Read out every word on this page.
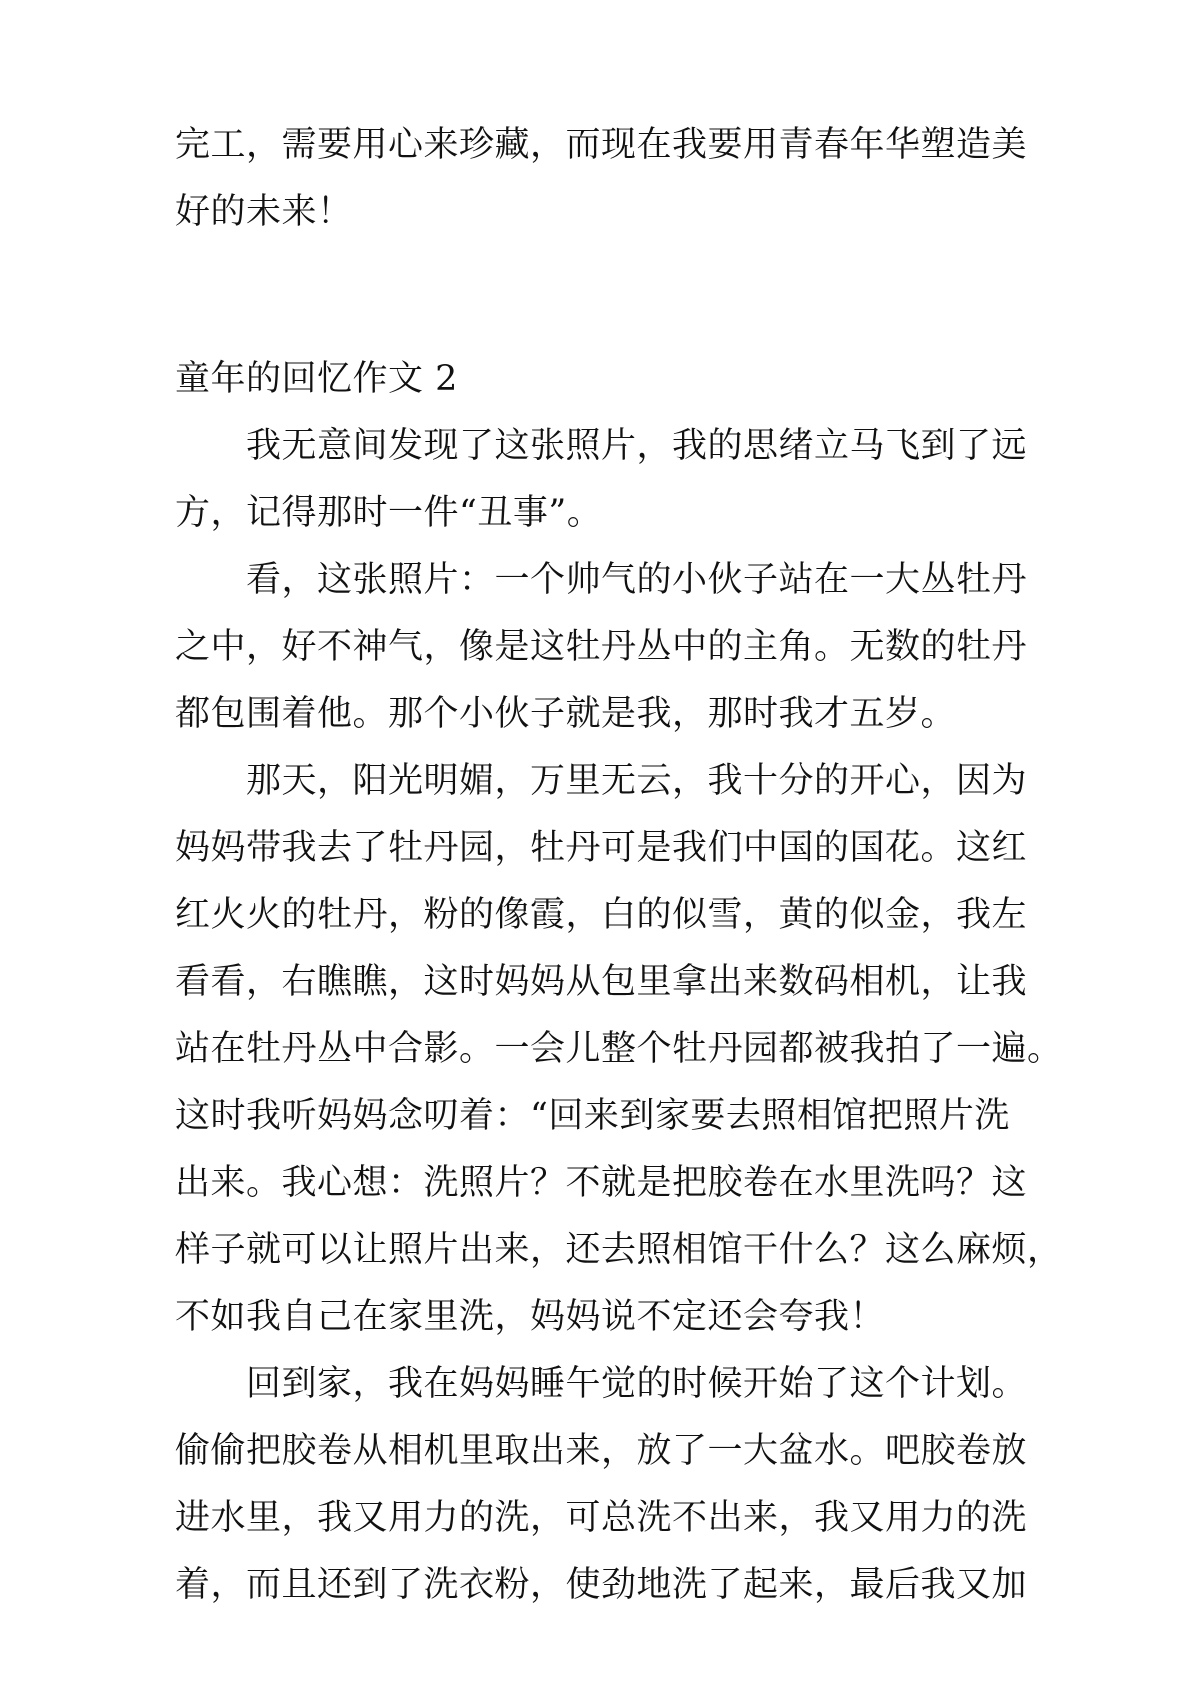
完工，需要用心来珍藏，而现在我要用青春年华塑造美
好的未来！
童年的回忆作文 2
　　我无意间发现了这张照片，我的思绪立马飞到了远
方，记得那时一件“丑事”。
　　看，这张照片：一个帅气的小伙子站在一大丛牡丹
之中，好不神气，像是这牡丹丛中的主角。无数的牡丹
都包围着他。那个小伙子就是我，那时我才五岁。
　　那天，阳光明媚，万里无云，我十分的开心，因为
妈妈带我去了牡丹园，牡丹可是我们中国的国花。这红
红火火的牡丹，粉的像霞，白的似雪，黄的似金，我左
看看，右瞧瞧，这时妈妈从包里拿出来数码相机，让我
站在牡丹丛中合影。一会儿整个牡丹园都被我拍了一遍。
这时我听妈妈念叨着：“回来到家要去照相馆把照片洗
出来。我心想：洗照片？不就是把胶卷在水里洗吗？这
样子就可以让照片出来，还去照相馆干什么？这么麻烦，
不如我自己在家里洗，妈妈说不定还会夸我！
　　回到家，我在妈妈睡午觉的时候开始了这个计划。
偷偷把胶卷从相机里取出来，放了一大盆水。吧胶卷放
进水里，我又用力的洗，可总洗不出来，我又用力的洗
着，而且还到了洗衣粉，使劲地洗了起来，最后我又加
